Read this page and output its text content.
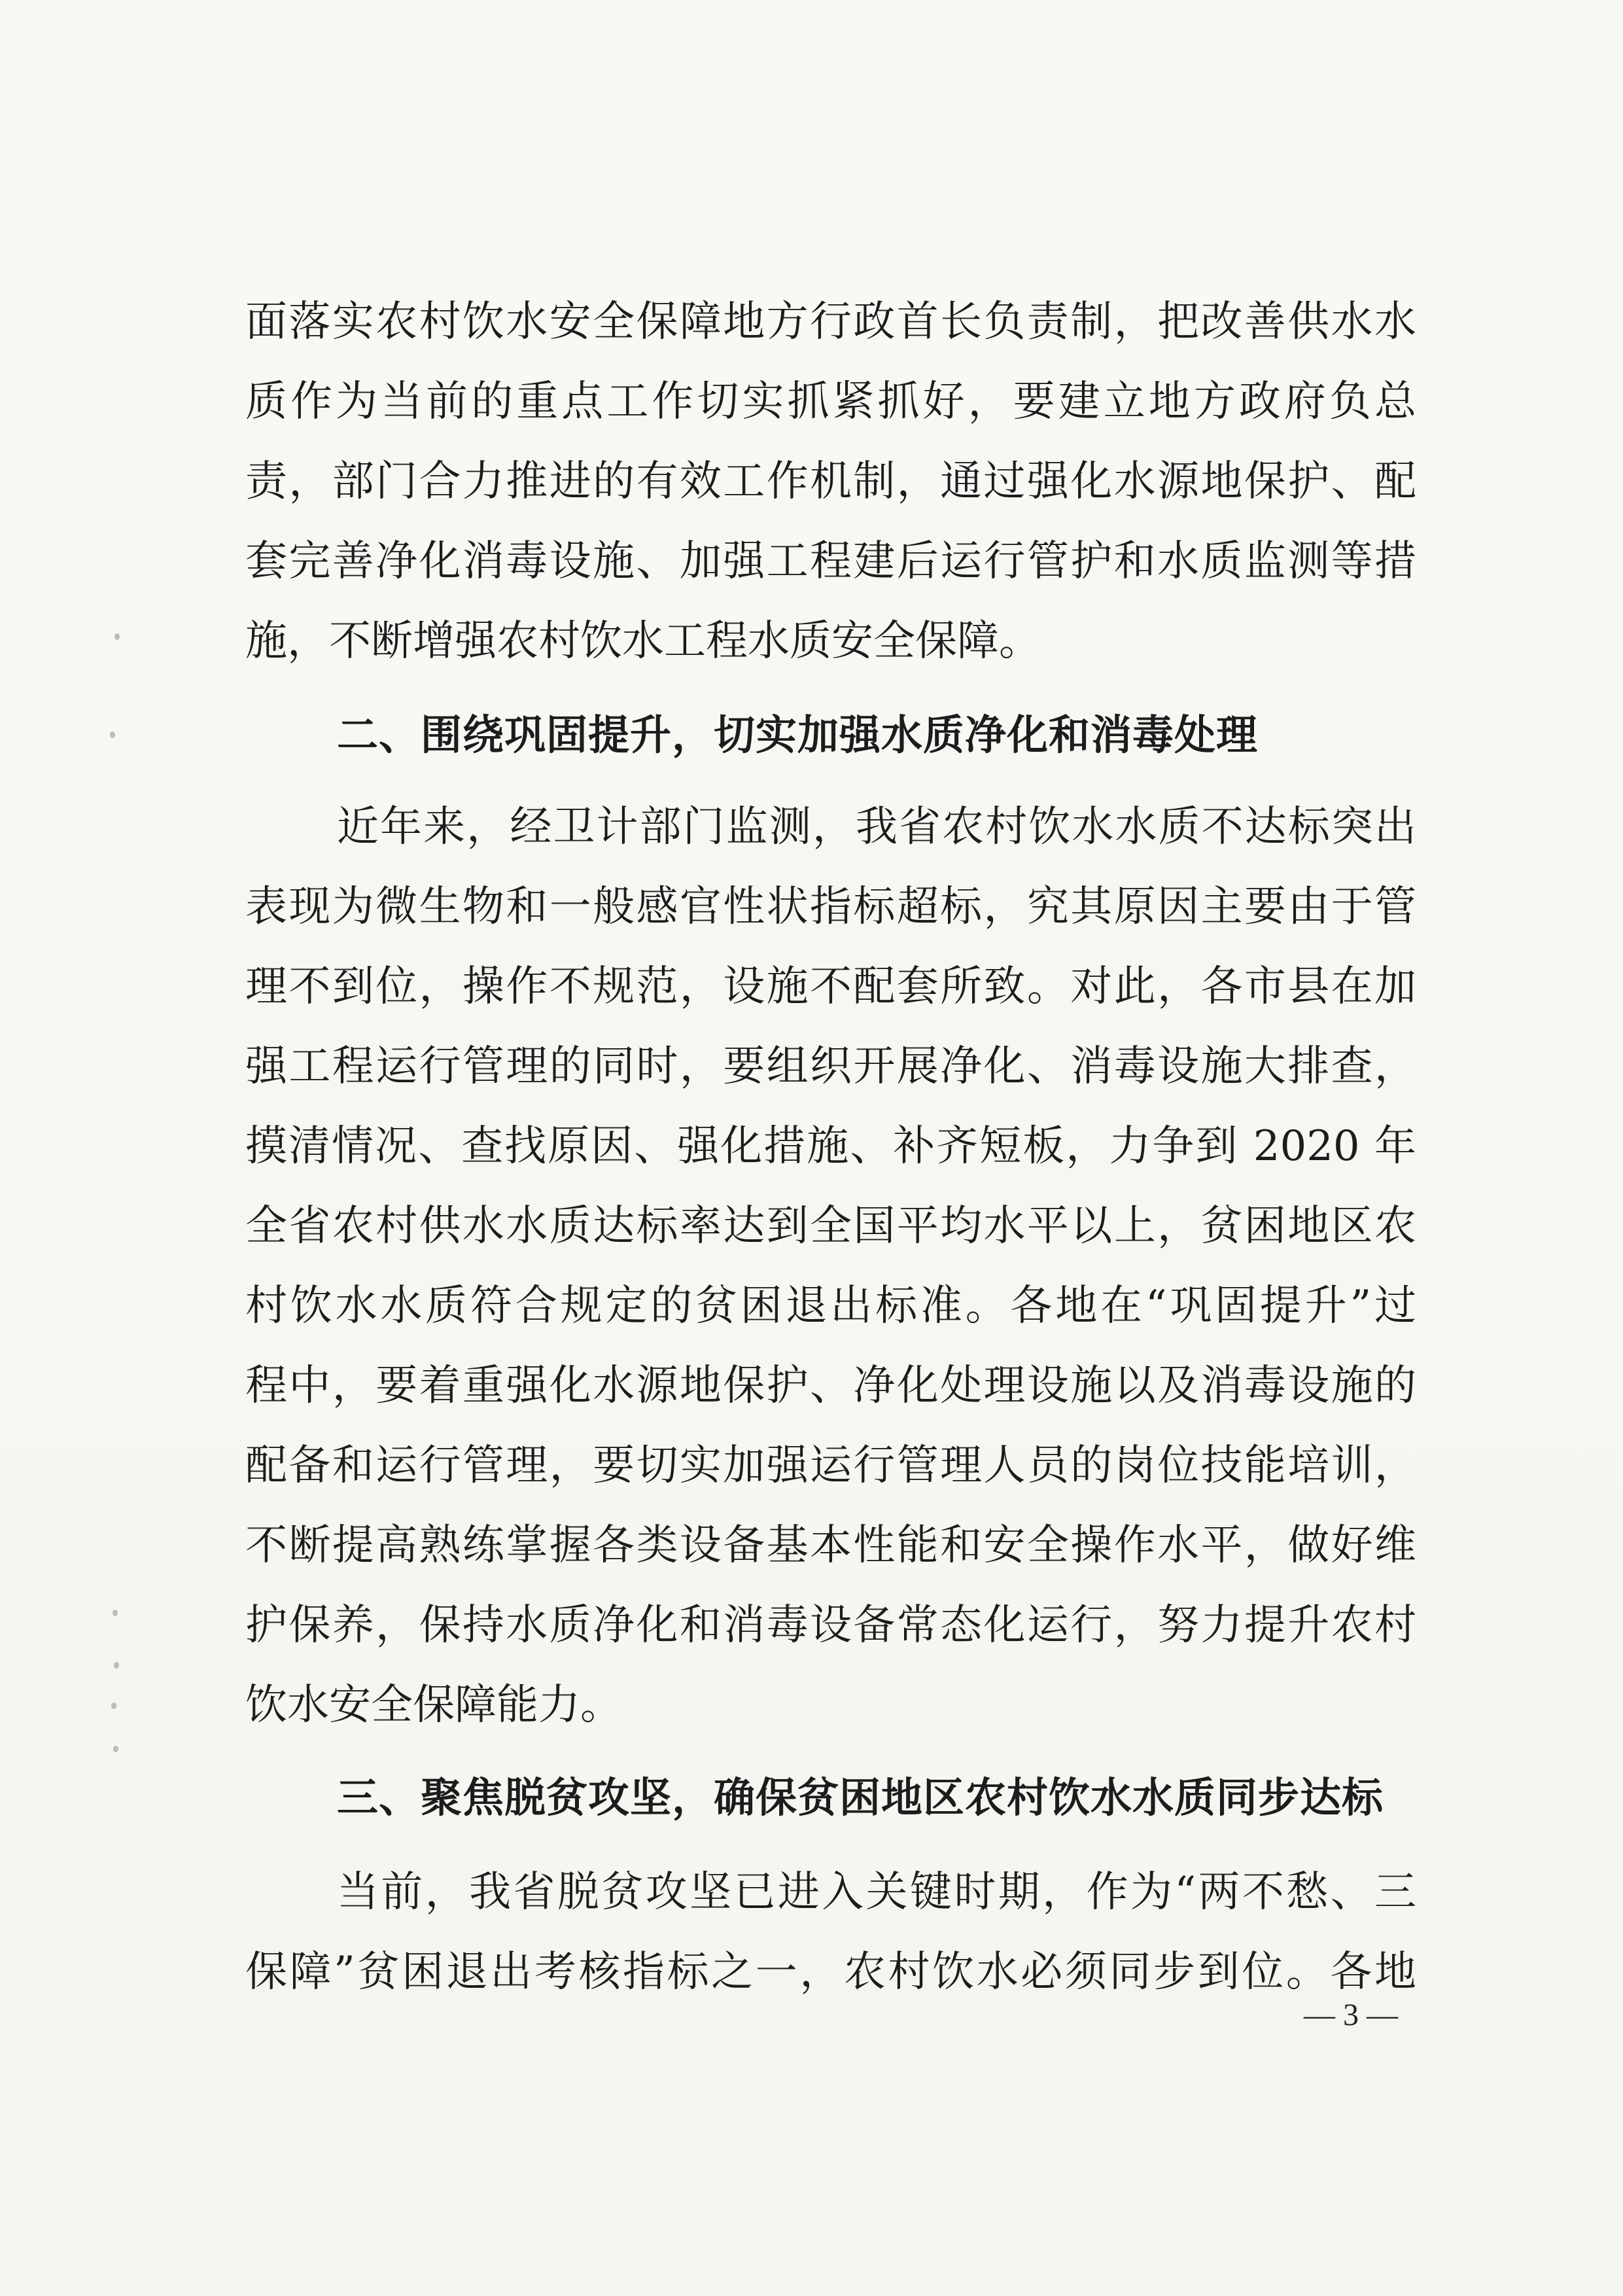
面落实农村饮水安全保障地方行政首长负责制，把改善供水水
质作为当前的重点工作切实抓紧抓好，要建立地方政府负总
责，部门合力推进的有效工作机制，通过强化水源地保护、配
套完善净化消毒设施、加强工程建后运行管护和水质监测等措
施，不断增强农村饮水工程水质安全保障。
二、围绕巩固提升，切实加强水质净化和消毒处理
近年来，经卫计部门监测，我省农村饮水水质不达标突出
表现为微生物和一般感官性状指标超标，究其原因主要由于管
理不到位，操作不规范，设施不配套所致。对此，各市县在加
强工程运行管理的同时，要组织开展净化、消毒设施大排查，
摸清情况、查找原因、强化措施、补齐短板，力争到 2020 年
全省农村供水水质达标率达到全国平均水平以上，贫困地区农
村饮水水质符合规定的贫困退出标准。各地在“巩固提升”过
程中，要着重强化水源地保护、净化处理设施以及消毒设施的
配备和运行管理，要切实加强运行管理人员的岗位技能培训，
不断提高熟练掌握各类设备基本性能和安全操作水平，做好维
护保养，保持水质净化和消毒设备常态化运行，努力提升农村
饮水安全保障能力。
三、聚焦脱贫攻坚，确保贫困地区农村饮水水质同步达标
当前，我省脱贫攻坚已进入关键时期，作为“两不愁、三
保障”贫困退出考核指标之一，农村饮水必须同步到位。各地
— 3 —
